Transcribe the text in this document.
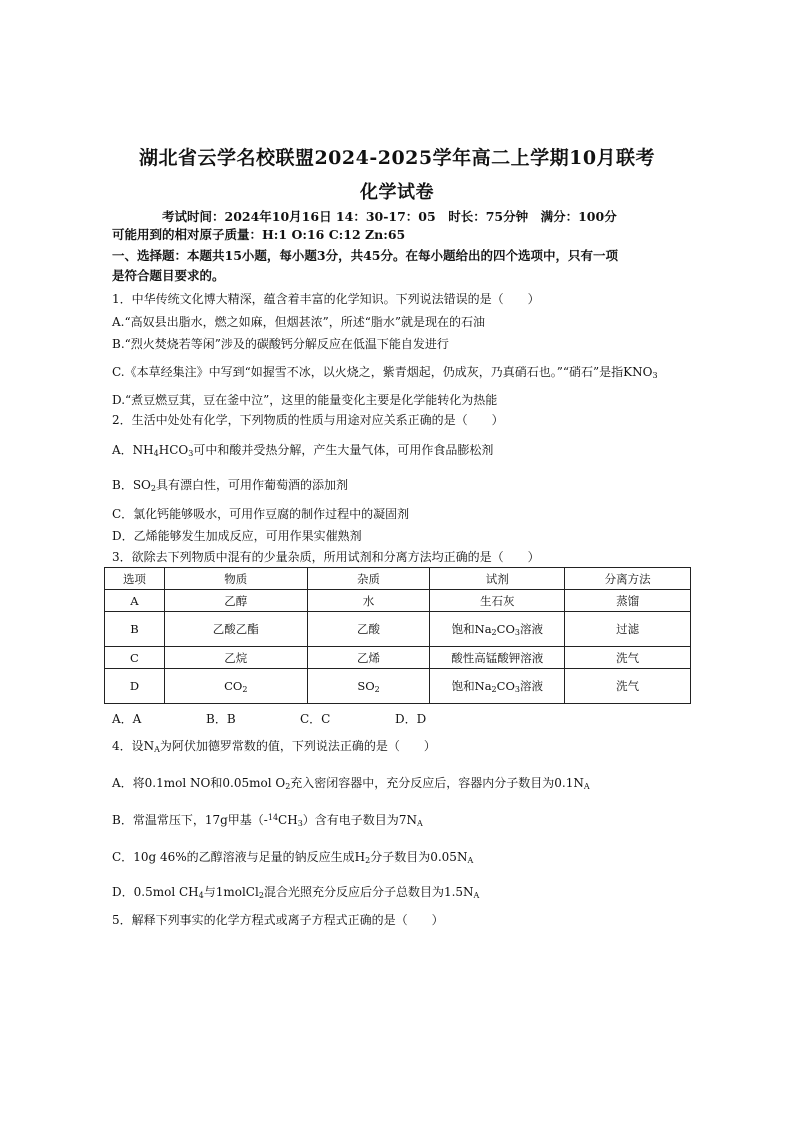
湖北省云学名校联盟2024-2025学年高二上学期10月联考
化学试卷
考试时间：2024年10月16日 14：30-17：05　时长：75分钟　满分：100分
可能用到的相对原子质量：H:1 O:16 C:12 Zn:65
一、选择题：本题共15小题，每小题3分，共45分。在每小题给出的四个选项中，只有一项
是符合题目要求的。
1．中华传统文化博大精深，蕴含着丰富的化学知识。下列说法错误的是（　　）
A.“高奴县出脂水，燃之如麻，但烟甚浓”，所述“脂水”就是现在的石油
B.“烈火焚烧若等闲”涉及的碳酸钙分解反应在低温下能自发进行
C.《本草经集注》中写到“如握雪不冰，以火烧之，紫青烟起，仍成灰，乃真硝石也。”“硝石”是指$KNO_3$
D.“煮豆燃豆萁，豆在釜中泣”，这里的能量变化主要是化学能转化为热能
2．生活中处处有化学，下列物质的性质与用途对应关系正确的是（　　）
A．$NH_4HCO_3$可中和酸并受热分解，产生大量气体，可用作食品膨松剂
B．$SO_2$具有漂白性，可用作葡萄酒的添加剂
C．氯化钙能够吸水，可用作豆腐的制作过程中的凝固剂
D．乙烯能够发生加成反应，可用作果实催熟剂
3．欲除去下列物质中混有的少量杂质，所用试剂和分离方法均正确的是（　　）
选项	物质	杂质	试剂	分离方法
A	乙醇	水	生石灰	蒸馏
B	乙酸乙酯	乙酸	饱和$Na_2CO_3$溶液	过滤
C	乙烷	乙烯	酸性高锰酸钾溶液	洗气
D	$CO_2$	$SO_2$	饱和$Na_2CO_3$溶液	洗气
A．A	B．B	C．C	D．D
4．设$N_A$为阿伏加德罗常数的值，下列说法正确的是（　　）
A．将0.1mol NO和0.05mol $O_2$充入密闭容器中，充分反应后，容器内分子数目为$0.1N_A$
B．常温常压下，17g甲基$(-^{14}CH_3)$含有电子数目为$7N_A$
C．10g 46%的乙醇溶液与足量的钠反应生成$H_2$分子数目为$0.05N_A$
D．0.5mol $CH_4$与1molCl$_2$混合光照充分反应后分子总数目为$1.5N_A$
5．解释下列事实的化学方程式或离子方程式正确的是（　　）
